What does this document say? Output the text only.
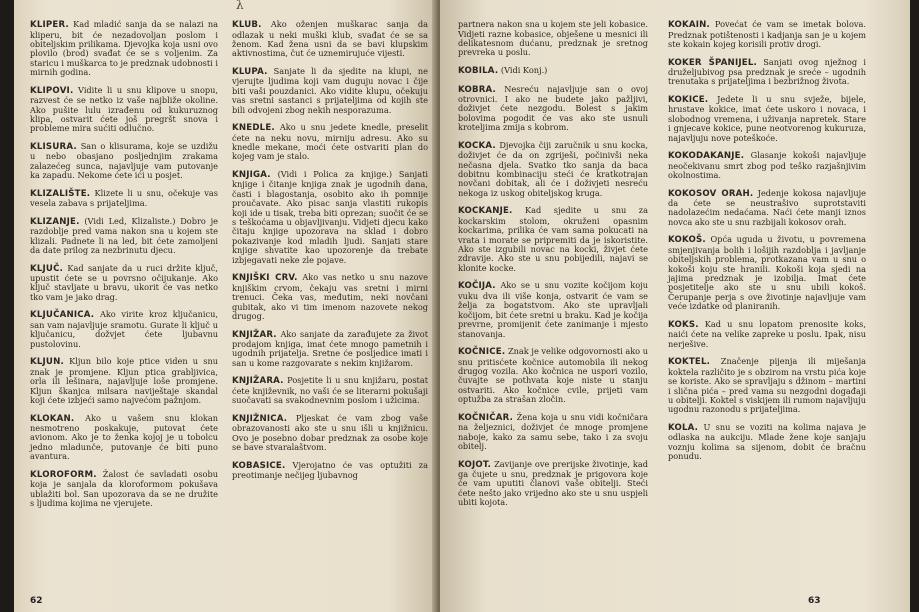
λ

KLIPER. Kad mladić sanja da se nalazi na kliperu, bit će nezadovoljan poslom i obiteljskim prilikama. Djevojka koja usni ovo plovilo (brod) svađat će se s voljenim. Za staricu i muškarca to je predznak udobnosti i mirnih godina.

KLIPOVI. Vidite li u snu klipove u snopu, razvest će se netko iz vaše najbliže okoline. Ako pušite lulu izrađenu od kukuruznog klipa, ostvarit ćete još pregršt snova i probleme mira sućiti odlučno.

KLISURA. San o klisurama, koje se uzdižu u nebo obasjano posljednjim zrakama zalazećeg sunca, najavljuje vam putovanje ka zapadu. Nekome ćete ići u posjet.

KLIZALIŠTE. Klizete li u snu, očekuje vas vesela zabava s prijateljima.

KLIZANJE. (Vidi Led, Klizaliste.) Dobro je razdoblje pred vama nakon sna u kojem ste klizali. Padnete li na led, bit ćete zamoljeni da date prilog za nezbrinutu djecu.

KLJUČ. Kad sanjate da u ruci držite ključ, upustit ćete se u povrsno očijukanje. Ako ključ stavljate u bravu, ukorit će vas netko tko vam je jako drag.

KLJUČANICA. Ako virite kroz ključanicu, san vam najavljuje sramotu. Gurate li ključ u ključanicu, dožvjet ćete ljubavnu pustolovinu.

KLJUN. Kljun bilo koje ptice viden u snu znak je promjene. Kljun ptica grabljivica, orla ili lešinara, najavljuje loše promjene. Kljun škanjca milsara naviještaje skandal koji ćete izbjeći samo najvećom pažnjom.

KLOKAN. Ako u vašem snu klokan nesmotreno poskakuje, putovat ćete avionom. Ako je to ženka kojoj je u tobolcu jedno mladunče, putovanje će biti puno avantura.

KLOROFORM. Žalost će savladati osobu koja je sanjala da kloroformom pokušava ublažiti bol. San upozorava da se ne družite s ljudima kojima ne vjerujete.

KLUB. Ako oženjen muškarac sanja da odlazak u neki muški klub, svađat će se sa ženom. Kad žena usni da se bavi klupskim aktivnostima, čut će uznemirujuće vijesti.

KLUPA. Sanjate li da sjedite na klupi, ne vjerujte ljudima koji vam duguju novac i čije biti vaši pouzdanici. Ako vidite klupu, očekuju vas sretni sastanci s prijateljima od kojih ste bili odvojeni zbog nekih nesporazuma.

KNEDLE. Ako u snu jedete knedle, preselit ćete na neku novu, mirniju adresu. Ako su knedle mekane, moći ćete ostvariti plan do kojeg vam je stalo.

KNJIGA. (Vidi i Polica za knjige.) Sanjati knjige i čitanje knjiga znak je ugodnih dana, časti i blagostanja, osobito ako ih pomnije proučavate. Ako pisac sanja vlastiti rukopis koji ide u tisak, treba biti oprezan; suočit će se s teškoćama u objavljivanju. Vidjeti djecu kako čitaju knjige upozorava na sklad i dobro pokazivanje kod mladih ljudi. Sanjati stare knjige shvatite kao upozorenje da trebate izbjegavati neke zle pojave.

KNJIŠKI CRV. Ako vas netko u snu nazove knjiškim crvom, čekaju vas sretni i mirni trenuci. Čeka vas, međutim, neki novčani gubitak, ako vi tim imenom nazovete nekog drugog.

KNJIŽAR. Ako sanjate da zarađujete za život prodajom knjiga, imat ćete mnogo pametnih i ugodnih prijatelja. Sretne će posljedice imati i san u kome razgovarate s nekim knjižarom.

KNJIŽARA. Posjetite li u snu knjižaru, postat ćete književnik, no vaši će se literarni pokušaji suočavati sa svakodnevnim poslom i užicima.

KNJIŽNICA. Pljeskat će vam zbog vaše obrazovanosti ako ste u snu išli u knjižnicu. Ovo je posebno dobar predznak za osobe koje se bave stvaralaštvom.

KOBASICE. Vjerojatno će vas optužiti za preotimanje nečijeg ljubavnog

62

partnera nakon sna u kojem ste jeli kobasice. Vidjeti razne kobasice, obješene u mesnici ili delikatesnom dućanu, predznak je sretnog prevreka u poslu.

KOBILA. (Vidi Konj.)

KOBRA. Nesreću najavljuje san o ovoj otrovnici. I ako ne budete jako pažljivi, doživjet ćete nezgodu. Bolest s jakim bolovima pogodit će vas ako ste usnuli kroteljima zmija s kobrom.

KOCKA. Djevojka čiji zaručnik u snu kocka, doživjet će da on zgriješi, počinivši neka nečasna djela. Svatko tko sanja da baca dobitnu kombinaciju steći će kratkotrajan novčani dobitak, ali će i doživjeti nesreću nekoga iz uskog obiteljskog kruga.

KOCKANJE. Kad sjedite u snu za kockarskim stolom, okruženi opasnim kockarima, prilika će vam sama pokucati na vrata i morate se pripremiti da je iskoristite. Ako ste izgubili novac na kocki, živjet ćete zdravije. Ako ste u snu pobijedili, najavi se klonite kocke.

KOČIJA. Ako se u snu vozite kočijom koju vuku dva ili više konja, ostvarit će vam se želja za bogatstvom. Ako ste upravljali kočijom, bit ćete sretni u braku. Kad je kočija prevrne, promijenit ćete zanimanje i mjesto stanovanja.

KOČNICE. Znak je velike odgovornosti ako u snu pritisćete kočnice automobila ili nekog drugog vozila. Ako kočnica ne uspori vozilo, čuvajte se pothvata koje niste u stanju ostvariti. Ako kočnice cvile, prijeti vam optužba za strašan zločin.

KOČNIČAR. Žena koja u snu vidi kočničara na željeznici, doživjet će mnoge promjene naboje, kako za samu sebe, tako i za svoju obitelj.

KOJOT. Zavijanje ove prerijske životinje, kad ga čujete u snu, predznak je prigovora koje će vam uputiti članovi vaše obitelji. Steći ćete nešto jako vrijedno ako ste u snu uspjeli ubiti kojota.

KOKAIN. Povećat će vam se imetak bolova. Predznak potištenosti i kadjanja san je u kojem ste kokain kojeg korisili protiv drogi.

KOKER ŠPANIJEL. Sanjati ovog nježnog i druželjubivog psa predznak je sreće – ugodnih trenutaka s prijateljima i bezbrižnog života.

KOKICE. Jedete li u snu svježe, bijele, hrustave kokice, imat ćete uskoro i novaca, i slobodnog vremena, i uživanja napretek. Stare i gnjecave kokice, pune neotvorenog kukuruza, najavljuju nove poteškoće.

KOKODAKANJE. Glasanje kokoši najavljuje neočekivanu smrt zbog pod teško razjašnjivim okolnostima.

KOKOSOV ORAH. Jedenje kokosa najavljuje da ćete se neustrašivo suprotstaviti nadolazećim nedaćama. Naći ćete manji iznos novca ako ste u snu razbijali kokosov orah.

KOKOŠ. Opća uguda u životu, u povremena smjenjivanja bolih i lošijih razdoblja i javljanje obiteljskih problema, protkazana vam u snu o kokoši koju ste hranili. Kokoši koja sjedi na jajima predznak je izobilja. Imat ćete posjetitelje ako ste u snu ubili kokoš. Čerupanje perja s ove životinje najavljuje vam veće izdatke od planiranih.

KOKS. Kad u snu lopatom prenosite koks, naići ćete na velike zapreke u poslu. Ipak, nisu nerješive.

KOKTEL. Značenje pijenja ili miješanja koktela različito je s obzirom na vrstu pića koje se koriste. Ako se spravljaju s džinom – martini i slična pića – pred vama su nezgodni događaji u obitelji. Koktel s viskijem ili rumom najavljuju ugodnu razonodu s prijateljima.

KOLA. U snu se voziti na kolima najava je odlaska na aukciju. Mlade žene koje sanjaju voznju kolima sa sijenom, dobit će bračnu ponudu.

63
